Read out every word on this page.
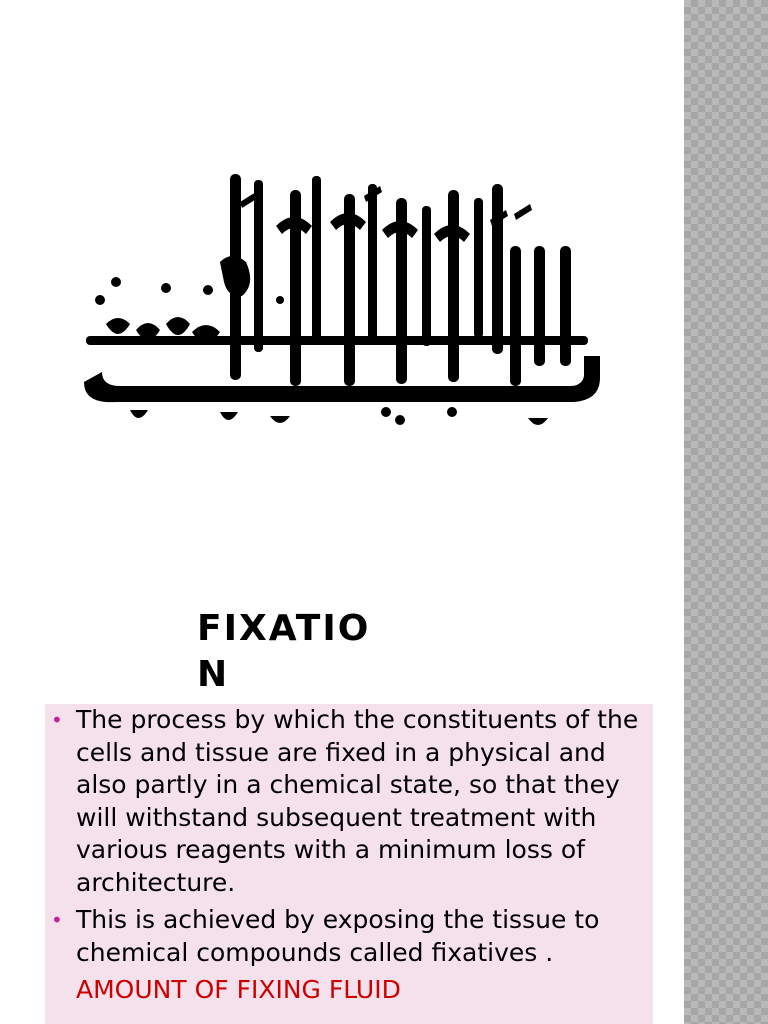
FIXATION
• The process by which the constituents of the cells and tissue are fixed in a physical and also partly in a chemical state, so that they will withstand subsequent treatment with various reagents with a minimum loss of architecture.
• This is achieved by exposing the tissue to chemical compounds called fixatives .
AMOUNT OF FIXING FLUID
